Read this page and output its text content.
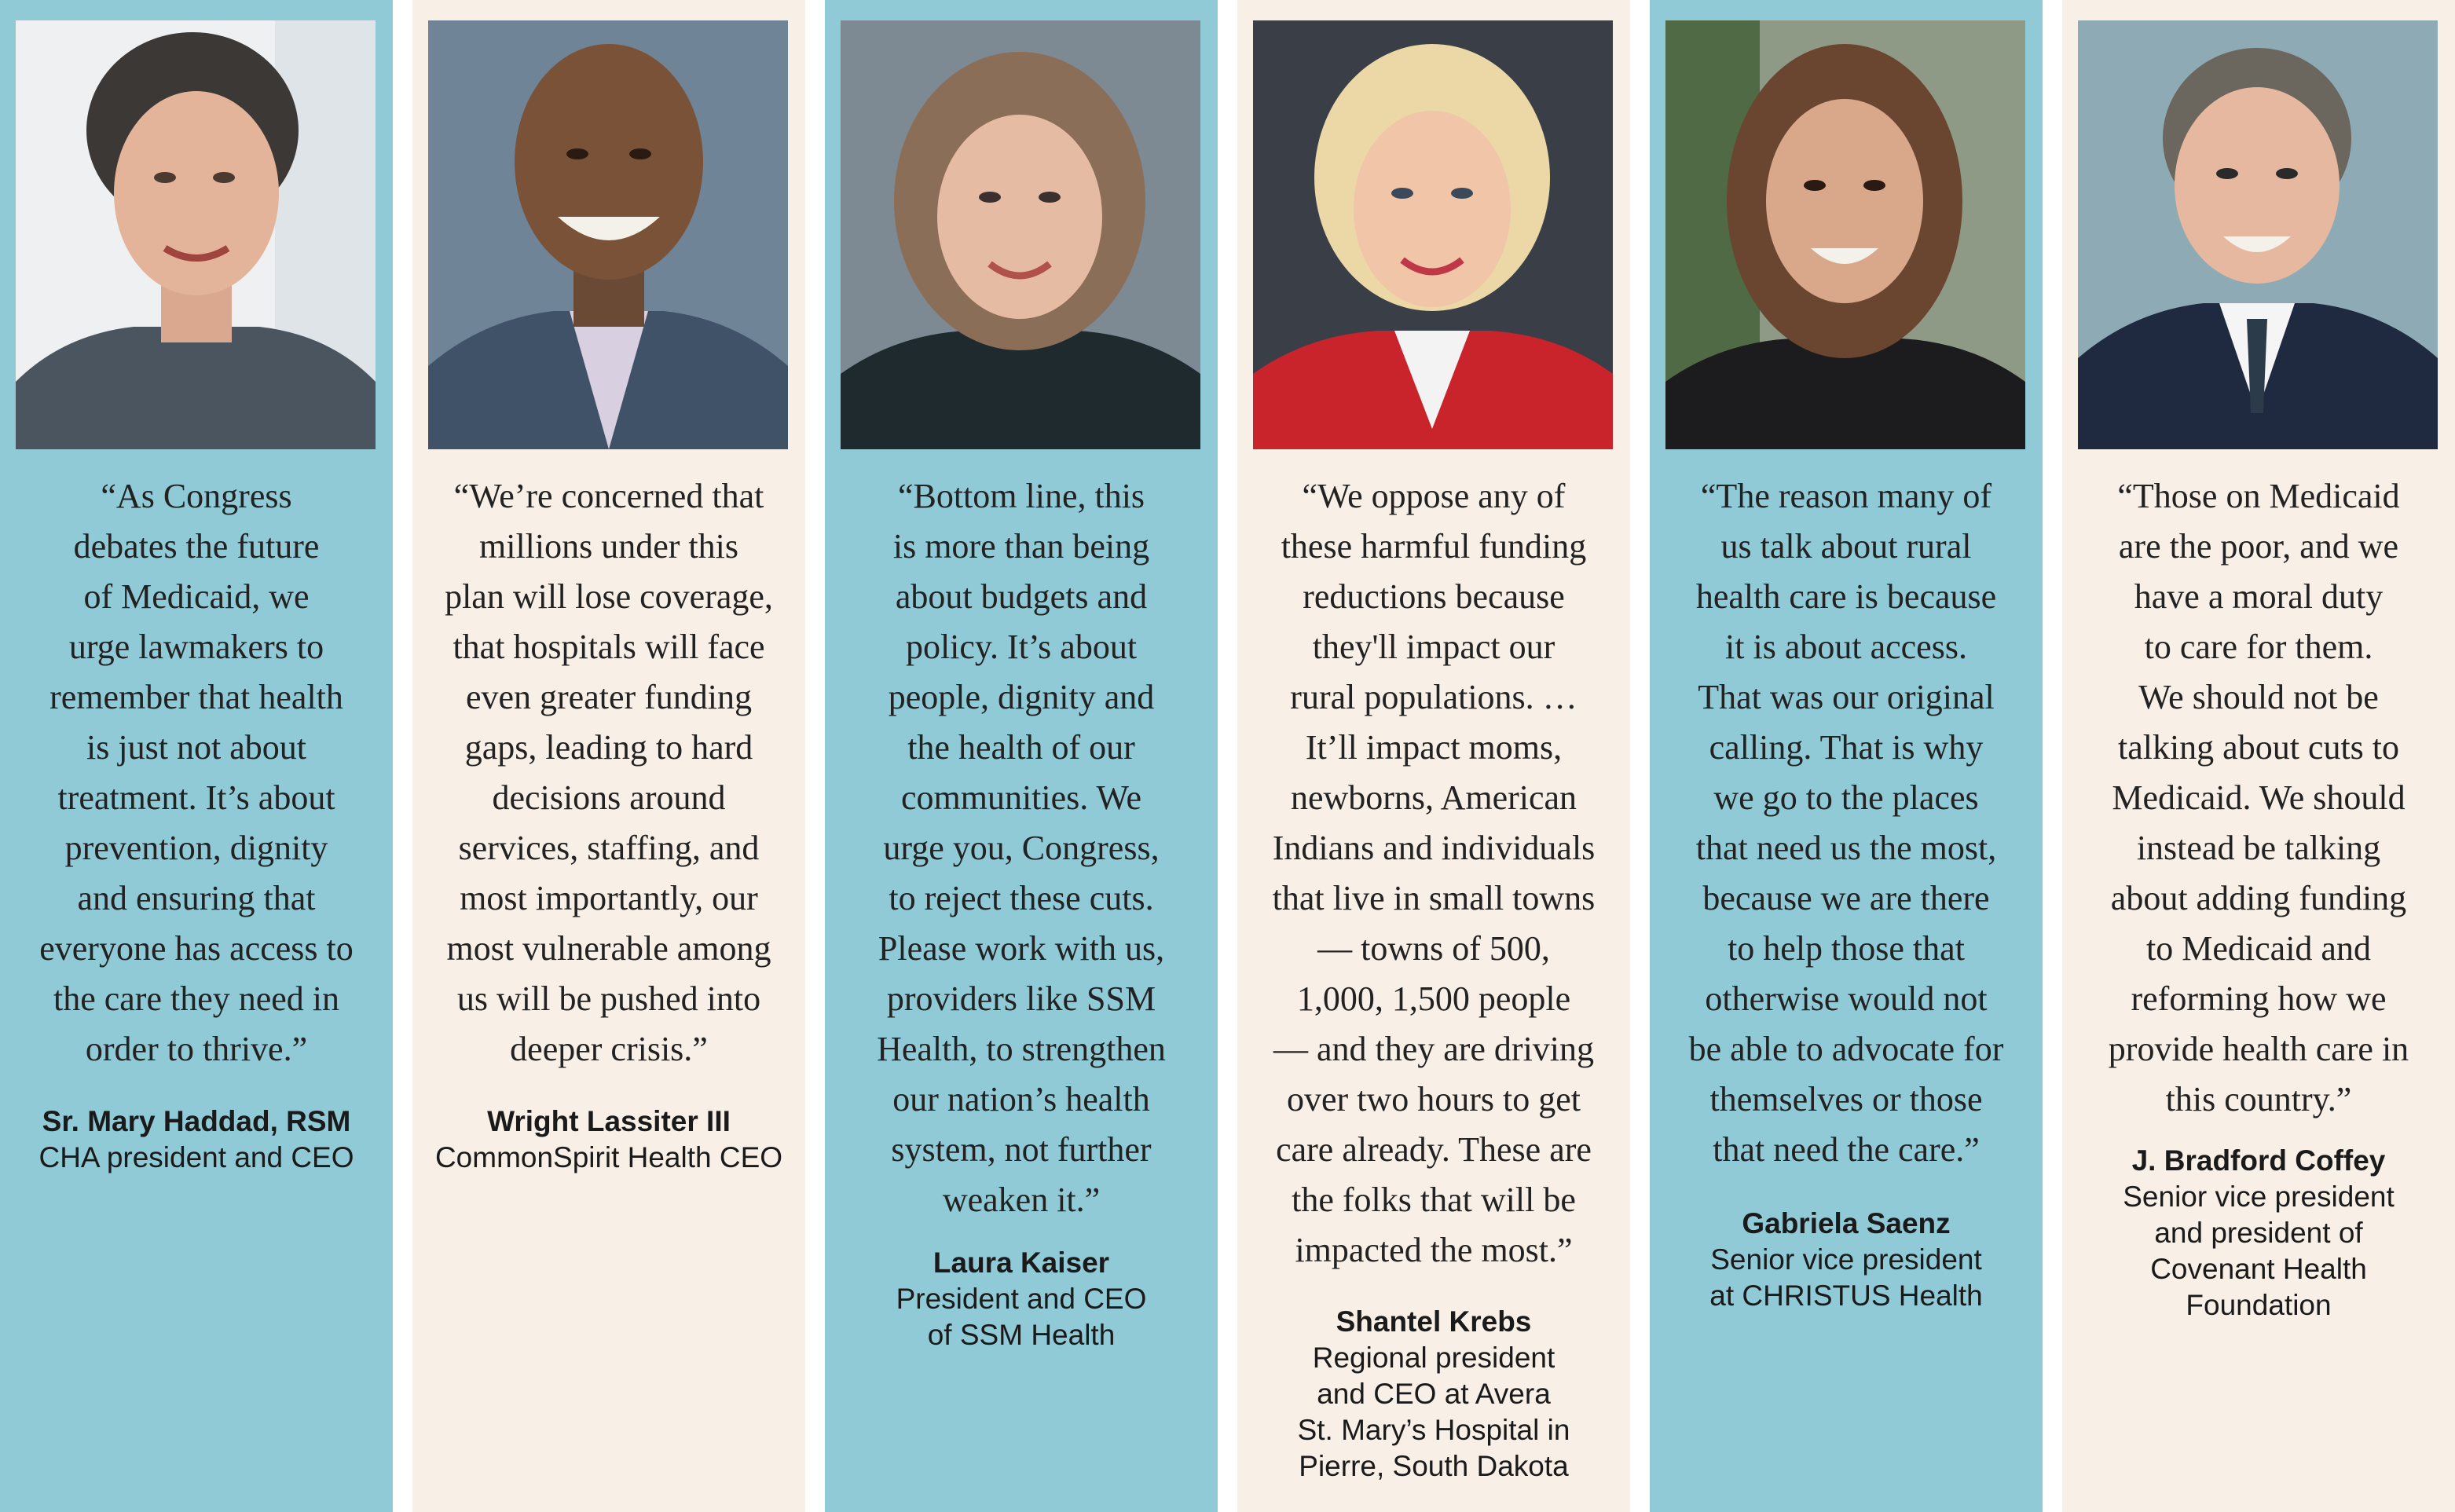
“As Congress
debates the future
of Medicaid, we
urge lawmakers to
remember that health
is just not about
treatment. It’s about
prevention, dignity
and ensuring that
everyone has access to
the care they need in
order to thrive.”
Sr. Mary Haddad, RSM
CHA president and CEO
“We’re concerned that
millions under this
plan will lose coverage,
that hospitals will face
even greater funding
gaps, leading to hard
decisions around
services, staffing, and
most importantly, our
most vulnerable among
us will be pushed into
deeper crisis.”
Wright Lassiter III
CommonSpirit Health CEO
“Bottom line, this
is more than being
about budgets and
policy. It’s about
people, dignity and
the health of our
communities. We
urge you, Congress,
to reject these cuts.
Please work with us,
providers like SSM
Health, to strengthen
our nation’s health
system, not further
weaken it.”
Laura Kaiser
President and CEO
of SSM Health
“We oppose any of
these harmful funding
reductions because
they'll impact our
rural populations. …
It’ll impact moms,
newborns, American
Indians and individuals
that live in small towns
— towns of 500,
1,000, 1,500 people
— and they are driving
over two hours to get
care already. These are
the folks that will be
impacted the most.”
Shantel Krebs
Regional president
and CEO at Avera
St. Mary’s Hospital in
Pierre, South Dakota
“The reason many of
us talk about rural
health care is because
it is about access.
That was our original
calling. That is why
we go to the places
that need us the most,
because we are there
to help those that
otherwise would not
be able to advocate for
themselves or those
that need the care.”
Gabriela Saenz
Senior vice president
at CHRISTUS Health
“Those on Medicaid
are the poor, and we
have a moral duty
to care for them.
We should not be
talking about cuts to
Medicaid. We should
instead be talking
about adding funding
to Medicaid and
reforming how we
provide health care in
this country.”
J. Bradford Coffey
Senior vice president
and president of
Covenant Health
Foundation
